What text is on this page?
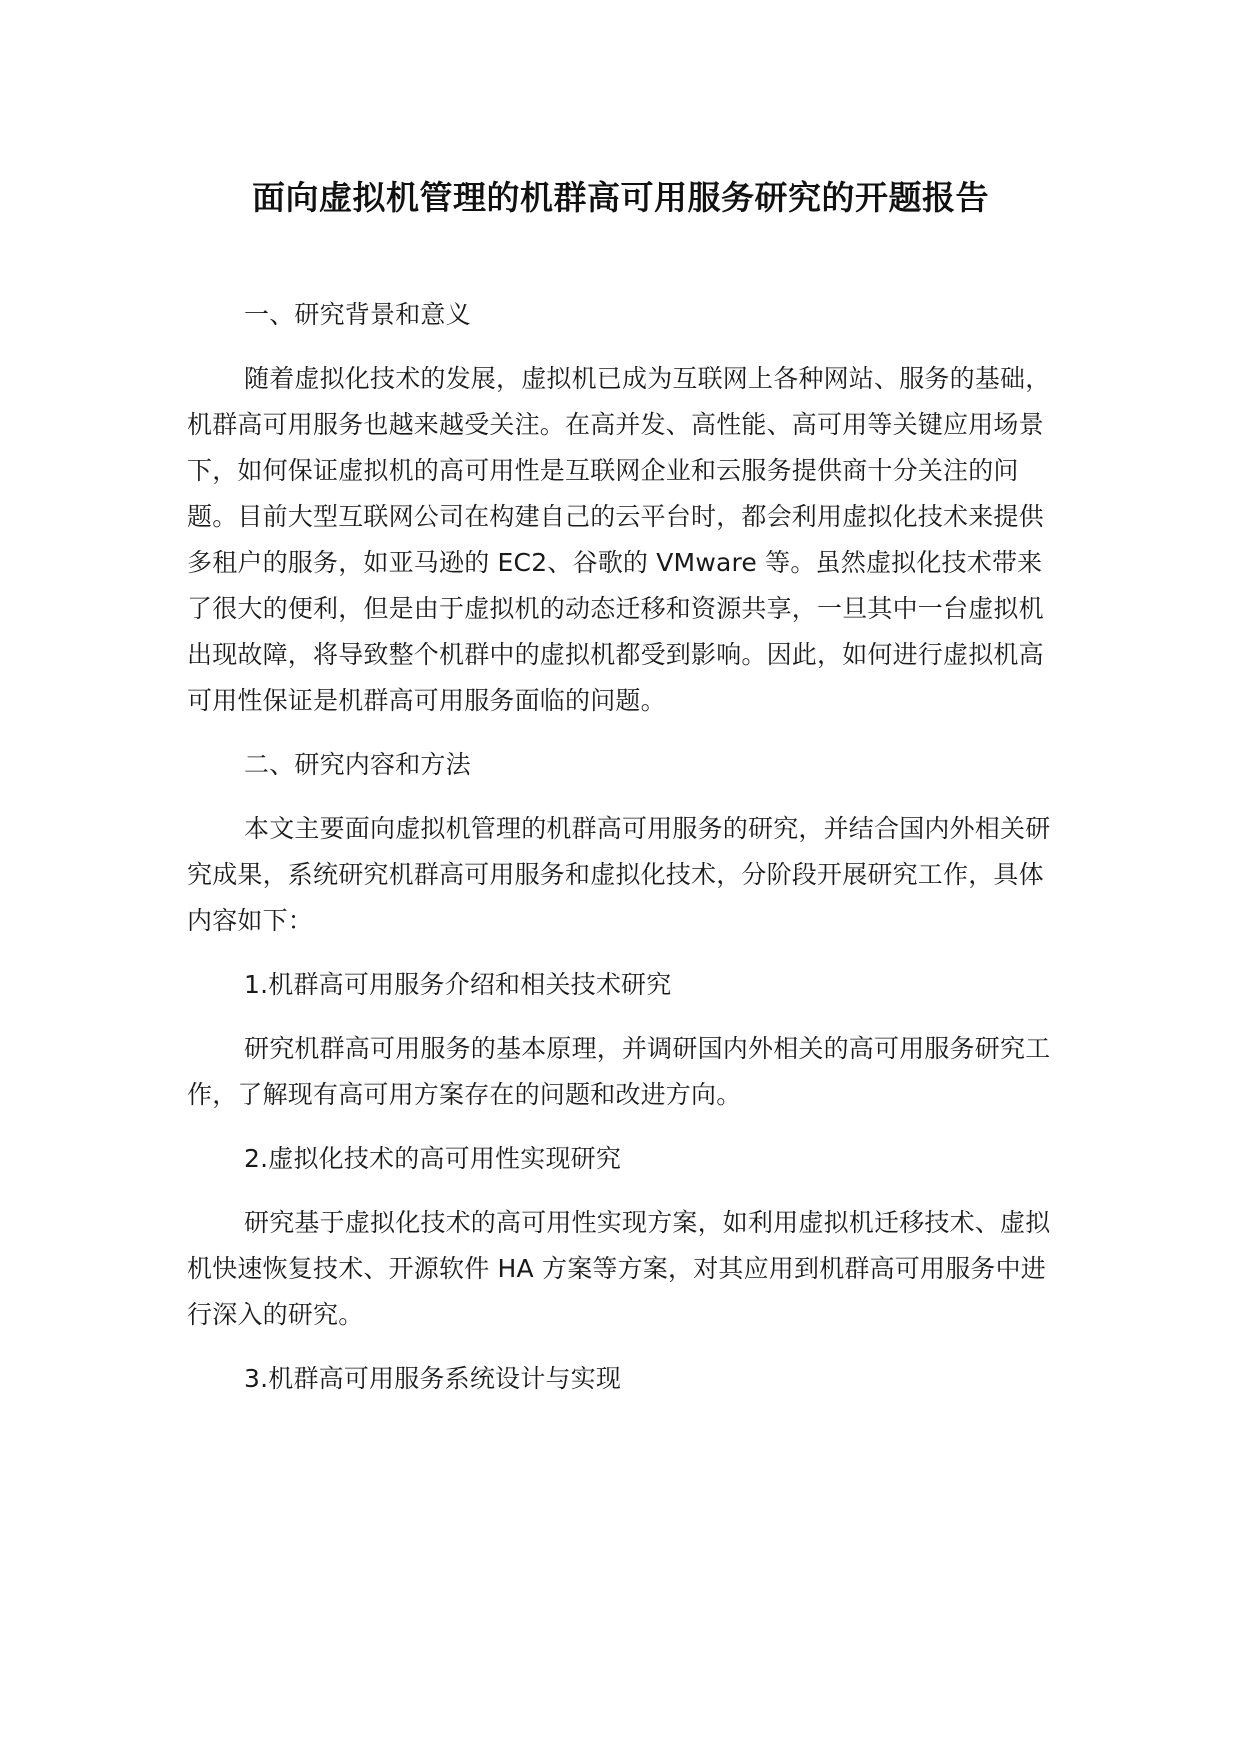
面向虚拟机管理的机群高可用服务研究的开题报告

一、研究背景和意义

随着虚拟化技术的发展，虚拟机已成为互联网上各种网站、服务的基础，机群高可用服务也越来越受关注。在高并发、高性能、高可用等关键应用场景下，如何保证虚拟机的高可用性是互联网企业和云服务提供商十分关注的问题。目前大型互联网公司在构建自己的云平台时，都会利用虚拟化技术来提供多租户的服务，如亚马逊的 EC2、谷歌的 VMware 等。虽然虚拟化技术带来了很大的便利，但是由于虚拟机的动态迁移和资源共享，一旦其中一台虚拟机出现故障，将导致整个机群中的虚拟机都受到影响。因此，如何进行虚拟机高可用性保证是机群高可用服务面临的问题。

二、研究内容和方法

本文主要面向虚拟机管理的机群高可用服务的研究，并结合国内外相关研究成果，系统研究机群高可用服务和虚拟化技术，分阶段开展研究工作，具体内容如下：

1.机群高可用服务介绍和相关技术研究

研究机群高可用服务的基本原理，并调研国内外相关的高可用服务研究工作，了解现有高可用方案存在的问题和改进方向。

2.虚拟化技术的高可用性实现研究

研究基于虚拟化技术的高可用性实现方案，如利用虚拟机迁移技术、虚拟机快速恢复技术、开源软件 HA 方案等方案，对其应用到机群高可用服务中进行深入的研究。

3.机群高可用服务系统设计与实现
